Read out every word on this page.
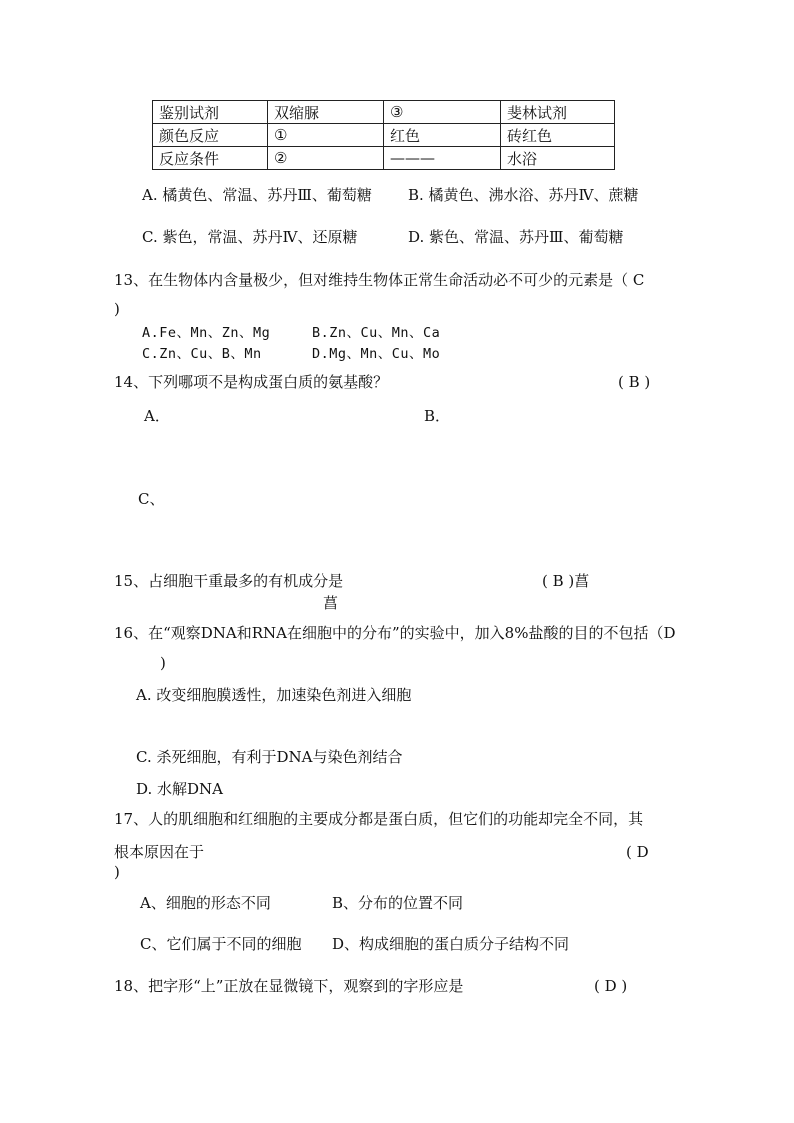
鉴别试剂	双缩脲	③	斐林试剂
颜色反应	①	红色	砖红色
反应条件	②	———	水浴
A. 橘黄色、常温、苏丹Ⅲ、葡萄糖 B. 橘黄色、沸水浴、苏丹Ⅳ、蔗糖
C. 紫色，常温、苏丹Ⅳ、还原糖	D. 紫色、常温、苏丹Ⅲ、葡萄糖
13、在生物体内含量极少，但对维持生物体正常生命活动必不可少的元素是（ C
)
A.Fe、Mn、Zn、Mg	B.Zn、Cu、Mn、Ca
C.Zn、Cu、B、Mn	D.Mg、Mn、Cu、Mo
14、下列哪项不是构成蛋白质的氨基酸？	( B )
A．	B．
C、
15、占细胞干重最多的有机成分是	( B )菖
菖
16、在“观察DNA和RNA在细胞中的分布”的实验中，加入8%盐酸的目的不包括（D
)
A. 改变细胞膜透性，加速染色剂进入细胞
C. 杀死细胞，有利于DNA与染色剂结合
D. 水解DNA
17、人的肌细胞和红细胞的主要成分都是蛋白质，但它们的功能却完全不同，其
根本原因在于	( D
)
A、细胞的形态不同	B、分布的位置不同
C、它们属于不同的细胞 D、构成细胞的蛋白质分子结构不同
18、把字形“上”正放在显微镜下，观察到的字形应是	( D )
